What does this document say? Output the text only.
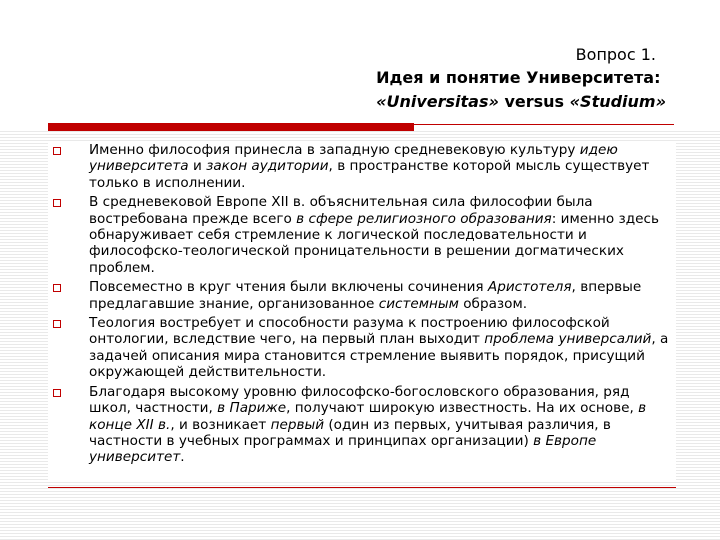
Вопрос 1.
Идея и понятие Университета:
«Universitas» versus «Studium»
Именно философия принесла в западную средневековую культуру идею университета и закон аудитории, в пространстве которой мысль существует только в исполнении.
В средневековой Европе XII в. объяснительная сила философии была востребована прежде всего в сфере религиозного образования: именно здесь обнаруживает себя стремление к логической последовательности и философско-теологической проницательности в решении догматических проблем.
Повсеместно в круг чтения были включены сочинения Аристотеля, впервые предлагавшие знание, организованное системным образом.
Теология востребует и способности разума к построению философской онтологии, вследствие чего, на первый план выходит проблема универсалий, а задачей описания мира становится стремление выявить порядок, присущий окружающей действительности.
Благодаря высокому уровню философско-богословского образования, ряд школ, частности, в Париже, получают широкую известность. На их основе, в конце XII в., и возникает первый (один из первых, учитывая различия, в частности в учебных программах и принципах организации) в Европе университет.
